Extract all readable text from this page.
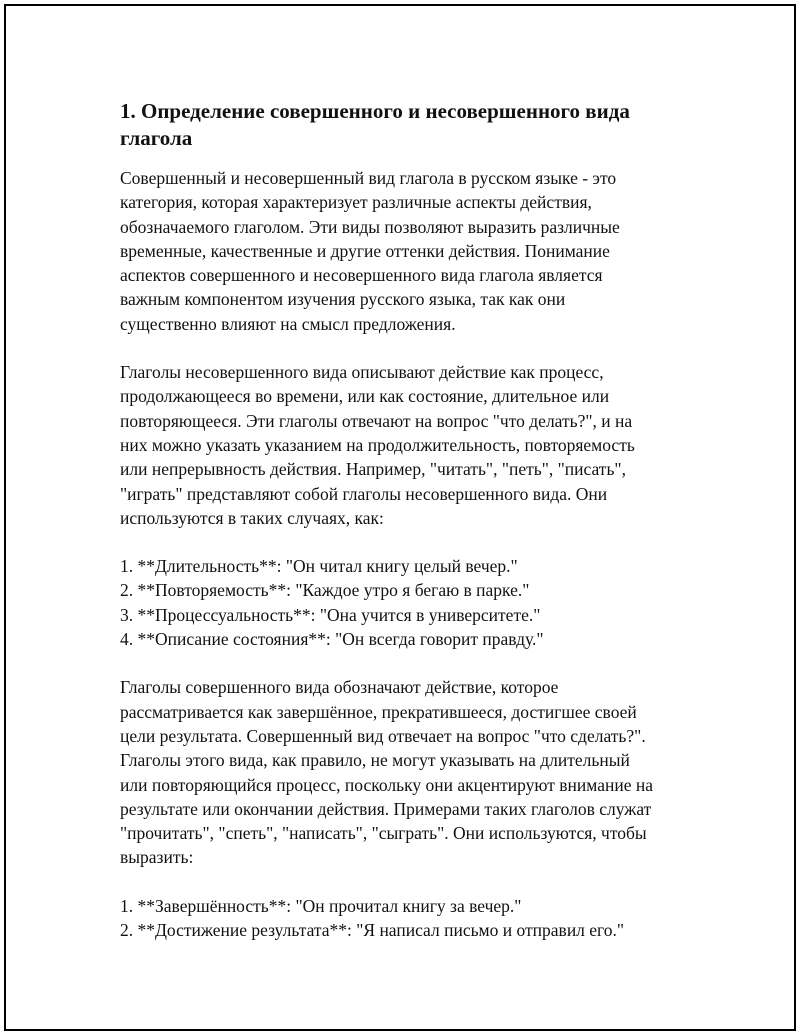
1. Определение совершенного и несовершенного вида
глагола

Совершенный и несовершенный вид глагола в русском языке - это
категория, которая характеризует различные аспекты действия,
обозначаемого глаголом. Эти виды позволяют выразить различные
временные, качественные и другие оттенки действия. Понимание
аспектов совершенного и несовершенного вида глагола является
важным компонентом изучения русского языка, так как они
существенно влияют на смысл предложения.

Глаголы несовершенного вида описывают действие как процесс,
продолжающееся во времени, или как состояние, длительное или
повторяющееся. Эти глаголы отвечают на вопрос "что делать?", и на
них можно указать указанием на продолжительность, повторяемость
или непрерывность действия. Например, "читать", "петь", "писать",
"играть" представляют собой глаголы несовершенного вида. Они
используются в таких случаях, как:

1. **Длительность**: "Он читал книгу целый вечер."
2. **Повторяемость**: "Каждое утро я бегаю в парке."
3. **Процессуальность**: "Она учится в университете."
4. **Описание состояния**: "Он всегда говорит правду."

Глаголы совершенного вида обозначают действие, которое
рассматривается как завершённое, прекратившееся, достигшее своей
цели результата. Совершенный вид отвечает на вопрос "что сделать?".
Глаголы этого вида, как правило, не могут указывать на длительный
или повторяющийся процесс, поскольку они акцентируют внимание на
результате или окончании действия. Примерами таких глаголов служат
"прочитать", "спеть", "написать", "сыграть". Они используются, чтобы
выразить:

1. **Завершённость**: "Он прочитал книгу за вечер."
2. **Достижение результата**: "Я написал письмо и отправил его."
